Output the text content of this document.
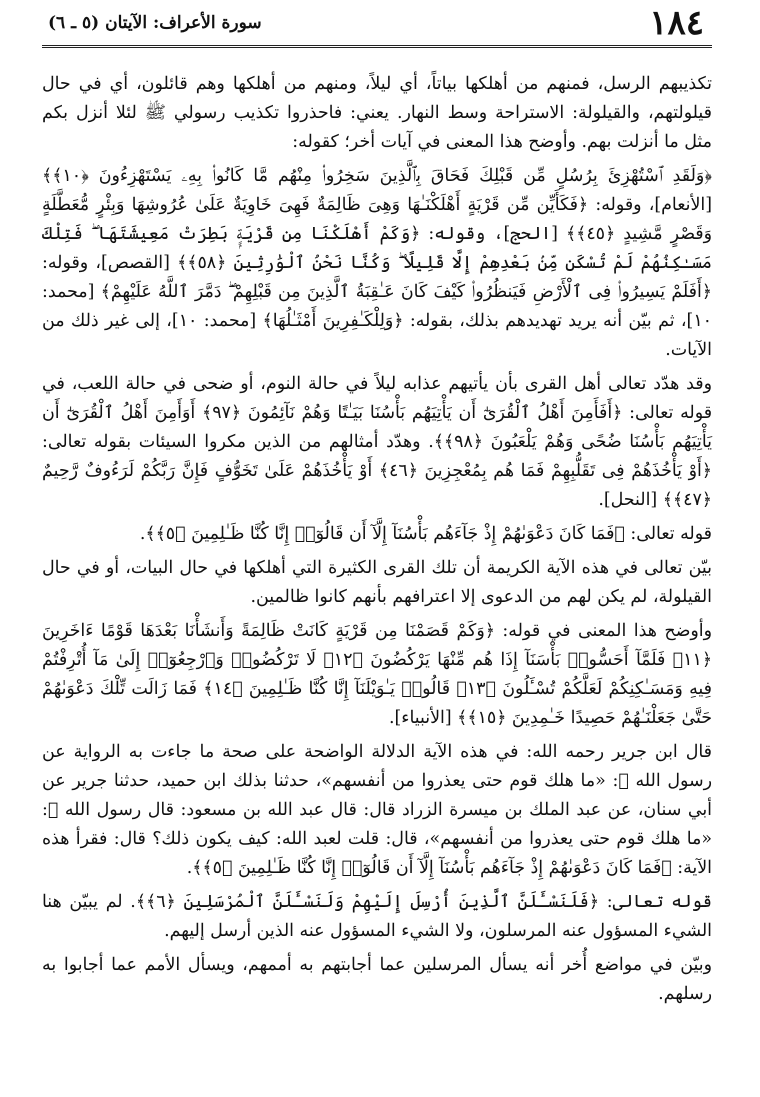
١٨٤
سورة الأعراف: الآيتان (٥ ـ ٦)

تكذيبهم الرسل، فمنهم من أهلكها بياتاً، أي ليلاً، ومنهم من أهلكها وهم قائلون، أي في حال قيلولتهم، والقيلولة: الاستراحة وسط النهار. يعني: فاحذروا تكذيب رسولي ﷺ لئلا أنزل بكم مثل ما أنزلت بهم. وأوضح هذا المعنى في آيات أخر؛ كقوله:

﴿وَلَقَدِ ٱسْتُهْزِئَ بِرُسُلٍ مِّن قَبْلِكَ فَحَاقَ بِٱلَّذِينَ سَخِرُوا۟ مِنْهُم مَّا كَانُوا۟ بِهِۦ يَسْتَهْزِءُونَ ﴿١٠﴾﴾ [الأنعام]، وقوله: ﴿فَكَأَيِّن مِّن قَرْيَةٍ أَهْلَكْنَـٰهَا وَهِىَ ظَالِمَةٌ فَهِىَ خَاوِيَةٌ عَلَىٰ عُرُوشِهَا وَبِئْرٍ مُّعَطَّلَةٍ وَقَصْرٍ مَّشِيدٍ ﴿٤٥﴾﴾ [الحج]، وقوله: ﴿وَكَمْ أَهْلَكْنَا مِن قَرْيَةٍۭ بَطِرَتْ مَعِيشَتَهَا ۖ فَتِلْكَ مَسَـٰكِنُهُمْ لَمْ تُسْكَن مِّنۢ بَعْدِهِمْ إِلَّا قَلِيلًا ۖ وَكُنَّا نَحْنُ ٱلْوَٰرِثِينَ ﴿٥٨﴾﴾ [القصص]، وقوله: ﴿أَفَلَمْ يَسِيرُوا۟ فِى ٱلْأَرْضِ فَيَنظُرُوا۟ كَيْفَ كَانَ عَـٰقِبَةُ ٱلَّذِينَ مِن قَبْلِهِمْ ۖ دَمَّرَ ٱللَّهُ عَلَيْهِمْ﴾ [محمد: ١٠]، ثم بيّن أنه يريد تهديدهم بذلك، بقوله: ﴿وَلِلْكَـٰفِرِينَ أَمْثَـٰلُهَا﴾ [محمد: ١٠]، إلى غير ذلك من الآيات.

وقد هدّد تعالى أهل القرى بأن يأتيهم عذابه ليلاً في حالة النوم، أو ضحى في حالة اللعب، في قوله تعالى: ﴿أَفَأَمِنَ أَهْلُ ٱلْقُرَىٰٓ أَن يَأْتِيَهُم بَأْسُنَا بَيَـٰتًا وَهُمْ نَآئِمُونَ ﴿٩٧﴾ أَوَأَمِنَ أَهْلُ ٱلْقُرَىٰٓ أَن يَأْتِيَهُم بَأْسُنَا ضُحًى وَهُمْ يَلْعَبُونَ ﴿٩٨﴾﴾. وهدّد أمثالهم من الذين مكروا السيئات بقوله تعالى: ﴿أَوْ يَأْخُذَهُمْ فِى تَقَلُّبِهِمْ فَمَا هُم بِمُعْجِزِينَ ﴿٤٦﴾ أَوْ يَأْخُذَهُمْ عَلَىٰ تَخَوُّفٍ فَإِنَّ رَبَّكُمْ لَرَءُوفٌ رَّحِيمٌ ﴿٤٧﴾﴾ [النحل].

قوله تعالى: ﴿فَمَا كَانَ دَعْوَىٰهُمْ إِذْ جَآءَهُم بَأْسُنَآ إِلَّآ أَن قَالُوٓا۟ إِنَّا كُنَّا ظَـٰلِمِينَ ﴿٥﴾﴾.

بيّن تعالى في هذه الآية الكريمة أن تلك القرى الكثيرة التي أهلكها في حال البيات، أو في حال القيلولة، لم يكن لهم من الدعوى إلا اعترافهم بأنهم كانوا ظالمين.

وأوضح هذا المعنى في قوله: ﴿وَكَمْ قَصَمْنَا مِن قَرْيَةٍ كَانَتْ ظَالِمَةً وَأَنشَأْنَا بَعْدَهَا قَوْمًا ءَاخَرِينَ ﴿١١﴾ فَلَمَّآ أَحَسُّوا۟ بَأْسَنَآ إِذَا هُم مِّنْهَا يَرْكُضُونَ ﴿١٢﴾ لَا تَرْكُضُوا۟ وَٱرْجِعُوٓا۟ إِلَىٰ مَآ أُتْرِفْتُمْ فِيهِ وَمَسَـٰكِنِكُمْ لَعَلَّكُمْ تُسْـَٔلُونَ ﴿١٣﴾ قَالُوا۟ يَـٰوَيْلَنَآ إِنَّا كُنَّا ظَـٰلِمِينَ ﴿١٤﴾ فَمَا زَالَت تِّلْكَ دَعْوَىٰهُمْ حَتَّىٰ جَعَلْنَـٰهُمْ حَصِيدًا خَـٰمِدِينَ ﴿١٥﴾﴾ [الأنبياء].

قال ابن جرير رحمه الله: في هذه الآية الدلالة الواضحة على صحة ما جاءت به الرواية عن رسول الله ﷺ: «ما هلك قوم حتى يعذروا من أنفسهم»، حدثنا بذلك ابن حميد، حدثنا جرير عن أبي سنان، عن عبد الملك بن ميسرة الزراد قال: قال عبد الله بن مسعود: قال رسول الله ﷺ: «ما هلك قوم حتى يعذروا من أنفسهم»، قال: قلت لعبد الله: كيف يكون ذلك؟ قال: فقرأ هذه الآية: ﴿فَمَا كَانَ دَعْوَىٰهُمْ إِذْ جَآءَهُم بَأْسُنَآ إِلَّآ أَن قَالُوٓا۟ إِنَّا كُنَّا ظَـٰلِمِينَ ﴿٥﴾﴾.

قوله تعالى: ﴿فَلَنَسْـَٔلَنَّ ٱلَّذِينَ أُرْسِلَ إِلَيْهِمْ وَلَنَسْـَٔلَنَّ ٱلْمُرْسَلِينَ ﴿٦﴾﴾. لم يبيّن هنا الشيء المسؤول عنه المرسلون، ولا الشيء المسؤول عنه الذين أرسل إليهم.

وبيّن في مواضع أُخر أنه يسأل المرسلين عما أجابتهم به أممهم، ويسأل الأمم عما أجابوا به رسلهم.
